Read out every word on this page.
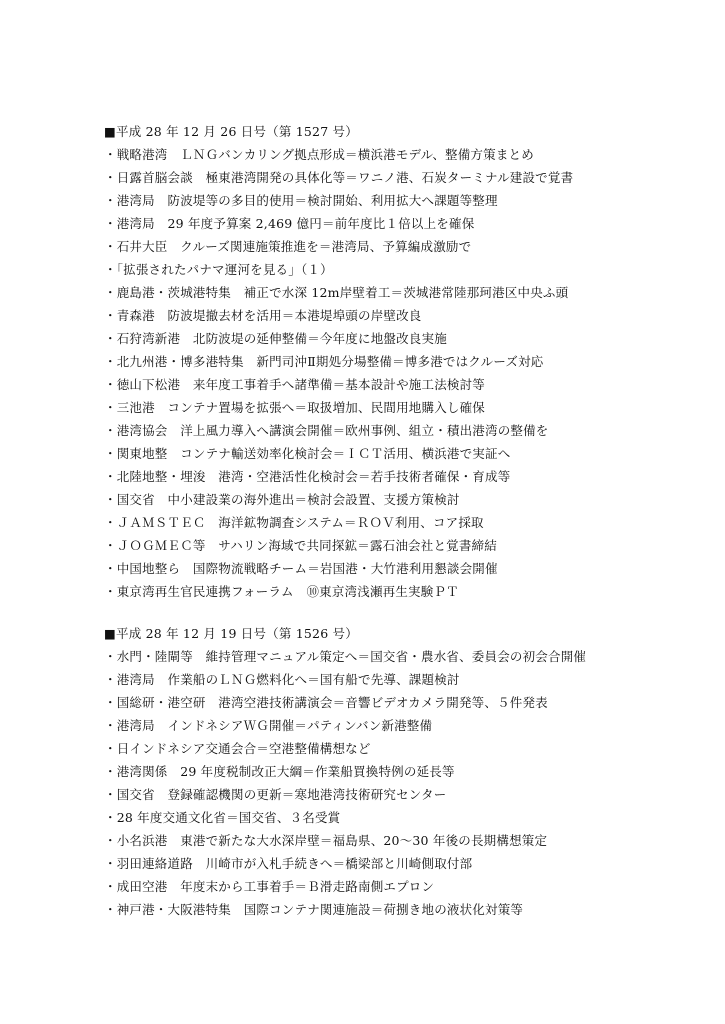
■平成 28 年 12 月 26 日号（第 1527 号）
・戦略港湾　ＬＮＧバンカリング拠点形成＝横浜港モデル、整備方策まとめ
・日露首脳会談　極東港湾開発の具体化等＝ワニノ港、石炭ターミナル建設で覚書
・港湾局　防波堤等の多目的使用＝検討開始、利用拡大へ課題等整理
・港湾局　29 年度予算案 2,469 億円＝前年度比１倍以上を確保
・石井大臣　クルーズ関連施策推進を＝港湾局、予算編成激励で
・「拡張されたパナマ運河を見る」（１）
・鹿島港・茨城港特集　補正で水深 12m岸壁着工＝茨城港常陸那珂港区中央ふ頭
・青森港　防波堤撤去材を活用＝本港堤埠頭の岸壁改良
・石狩湾新港　北防波堤の延伸整備＝今年度に地盤改良実施
・北九州港・博多港特集　新門司沖Ⅱ期処分場整備＝博多港ではクルーズ対応
・徳山下松港　来年度工事着手へ諸準備＝基本設計や施工法検討等
・三池港　コンテナ置場を拡張へ＝取扱増加、民間用地購入し確保
・港湾協会　洋上風力導入へ講演会開催＝欧州事例、組立・積出港湾の整備を
・関東地整　コンテナ輸送効率化検討会＝ＩＣＴ活用、横浜港で実証へ
・北陸地整・埋浚　港湾・空港活性化検討会＝若手技術者確保・育成等
・国交省　中小建設業の海外進出＝検討会設置、支援方策検討
・ＪＡＭＳＴＥＣ　海洋鉱物調査システム＝ＲＯＶ利用、コア採取
・ＪＯＧＭＥＣ等　サハリン海域で共同探鉱＝露石油会社と覚書締結
・中国地整ら　国際物流戦略チーム＝岩国港・大竹港利用懇談会開催
・東京湾再生官民連携フォーラム　⑩東京湾浅瀬再生実験ＰＴ
■平成 28 年 12 月 19 日号（第 1526 号）
・水門・陸閘等　維持管理マニュアル策定へ＝国交省・農水省、委員会の初会合開催
・港湾局　作業船のＬＮＧ燃料化へ＝国有船で先導、課題検討
・国総研・港空研　港湾空港技術講演会＝音響ビデオカメラ開発等、５件発表
・港湾局　インドネシアＷＧ開催＝パティンバン新港整備
・日インドネシア交通会合＝空港整備構想など
・港湾関係　29 年度税制改正大綱＝作業船買換特例の延長等
・国交省　登録確認機関の更新＝寒地港湾技術研究センター
・28 年度交通文化省＝国交省、３名受賞
・小名浜港　東港で新たな大水深岸壁＝福島県、20～30 年後の長期構想策定
・羽田連絡道路　川崎市が入札手続きへ＝橋梁部と川崎側取付部
・成田空港　年度末から工事着手＝Ｂ滑走路南側エプロン
・神戸港・大阪港特集　国際コンテナ関連施設＝荷捌き地の液状化対策等
